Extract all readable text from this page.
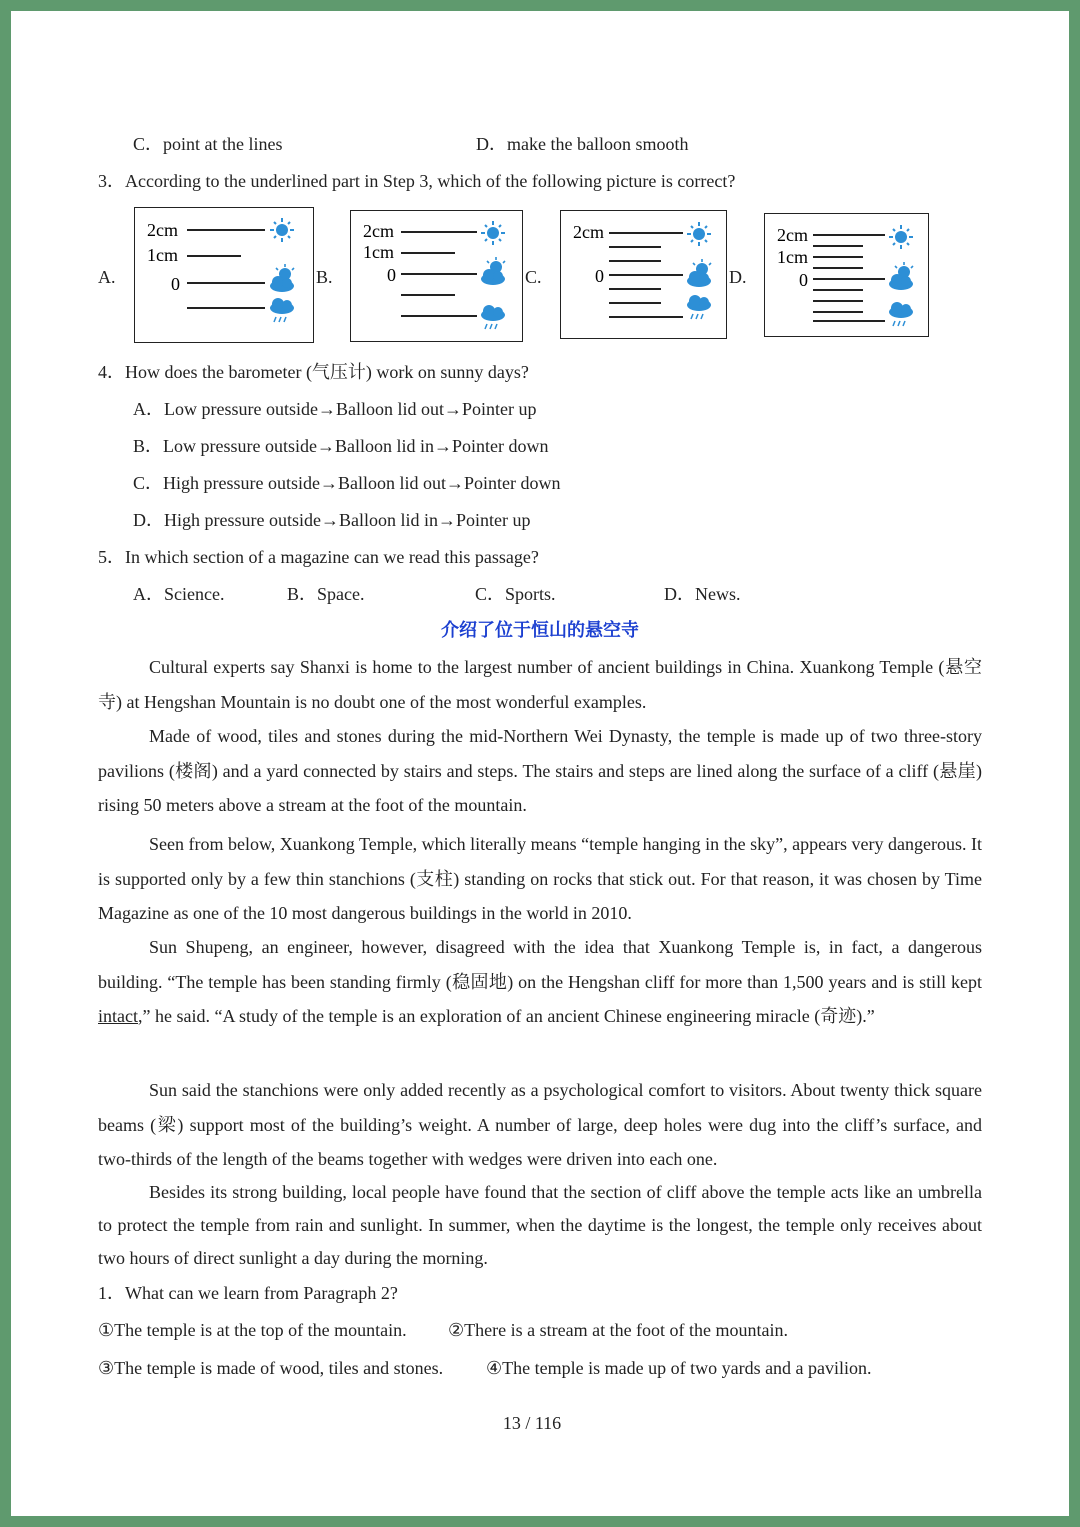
C．point at the lines	D．make the balloon smooth
3．According to the underlined part in Step 3, which of the following picture is correct?
A.
2cm
1cm
0	B.
2cm
1cm
0	C.
2cm
0	D.
2cm
1cm
0
4．How does the barometer (气压计) work on sunny days?
A．Low pressure outside→Balloon lid out→Pointer up
B．Low pressure outside→Balloon lid in→Pointer down
C．High pressure outside→Balloon lid out→Pointer down
D．High pressure outside→Balloon lid in→Pointer up
5．In which section of a magazine can we read this passage?
A．Science.	B．Space.	C．Sports.	D．News.
介绍了位于恒山的悬空寺
Cultural experts say Shanxi is home to the largest number of ancient buildings in China. Xuankong Temple (悬空寺) at Hengshan Mountain is no doubt one of the most wonderful examples.
Made of wood, tiles and stones during the mid-Northern Wei Dynasty, the temple is made up of two three-story pavilions (楼阁) and a yard connected by stairs and steps. The stairs and steps are lined along the surface of a cliff (悬崖) rising 50 meters above a stream at the foot of the mountain.
Seen from below, Xuankong Temple, which literally means “temple hanging in the sky”, appears very dangerous. It is supported only by a few thin stanchions (支柱) standing on rocks that stick out. For that reason, it was chosen by Time Magazine as one of the 10 most dangerous buildings in the world in 2010.
Sun Shupeng, an engineer, however, disagreed with the idea that Xuankong Temple is, in fact, a dangerous building. “The temple has been standing firmly (稳固地) on the Hengshan cliff for more than 1,500 years and is still kept intact,” he said. “A study of the temple is an exploration of an ancient Chinese engineering miracle (奇迹).”
Sun said the stanchions were only added recently as a psychological comfort to visitors. About twenty thick square beams (梁) support most of the building’s weight. A number of large, deep holes were dug into the cliff’s surface, and two-thirds of the length of the beams together with wedges were driven into each one.
Besides its strong building, local people have found that the section of cliff above the temple acts like an umbrella to protect the temple from rain and sunlight. In summer, when the daytime is the longest, the temple only receives about two hours of direct sunlight a day during the morning.
1．What can we learn from Paragraph 2?
①The temple is at the top of the mountain. ②There is a stream at the foot of the mountain.
③The temple is made of wood, tiles and stones. ④The temple is made up of two yards and a pavilion.
13 / 116
